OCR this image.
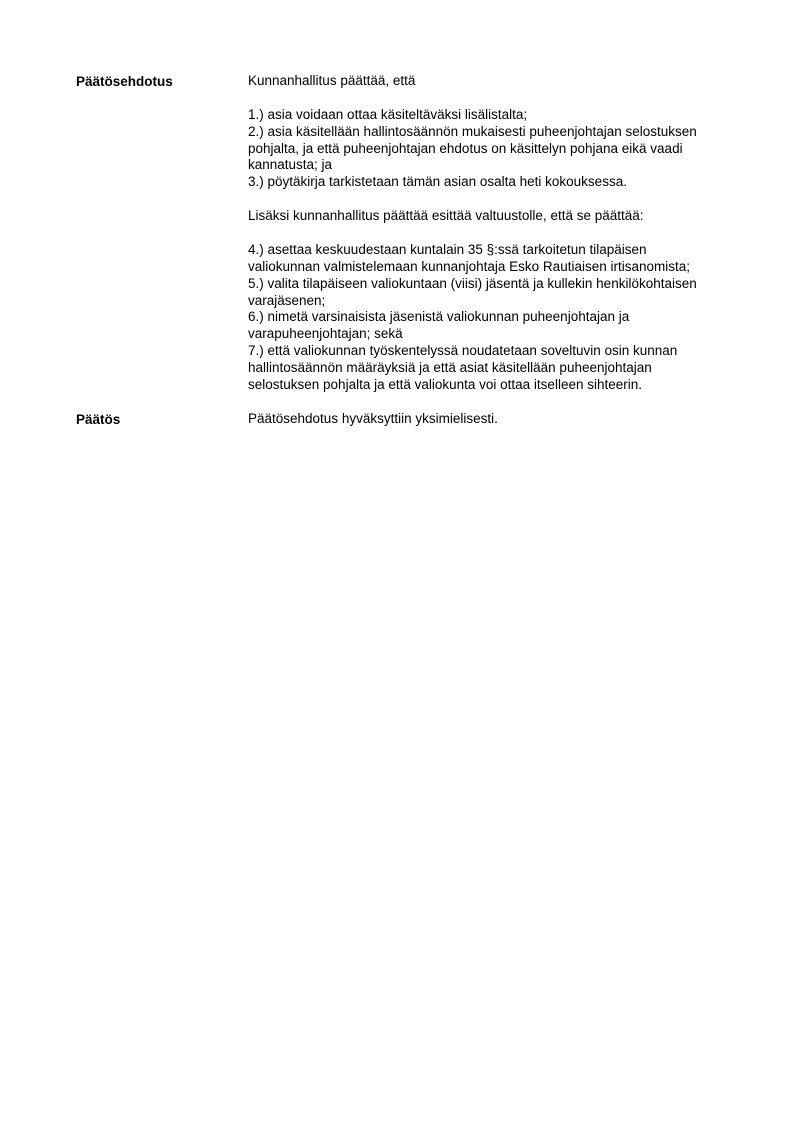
Päätösehdotus	Kunnanhallitus päättää, että
1.) asia voidaan ottaa käsiteltäväksi lisälistalta;
2.) asia käsitellään hallintosäännön mukaisesti puheenjohtajan selostuksen
pohjalta, ja että puheenjohtajan ehdotus on käsittelyn pohjana eikä vaadi
kannatusta; ja
3.) pöytäkirja tarkistetaan tämän asian osalta heti kokouksessa.
Lisäksi kunnanhallitus päättää esittää valtuustolle, että se päättää:
4.) asettaa keskuudestaan kuntalain 35 §:ssä tarkoitetun tilapäisen
valiokunnan valmistelemaan kunnanjohtaja Esko Rautiaisen irtisanomista;
5.) valita tilapäiseen valiokuntaan (viisi) jäsentä ja kullekin henkilökohtaisen
varajäsenen;
6.) nimetä varsinaisista jäsenistä valiokunnan puheenjohtajan ja
varapuheenjohtajan; sekä
7.) että valiokunnan työskentelyssä noudatetaan soveltuvin osin kunnan
hallintosäännön määräyksiä ja että asiat käsitellään puheenjohtajan
selostuksen pohjalta ja että valiokunta voi ottaa itselleen sihteerin.
Päätös	Päätösehdotus hyväksyttiin yksimielisesti.
